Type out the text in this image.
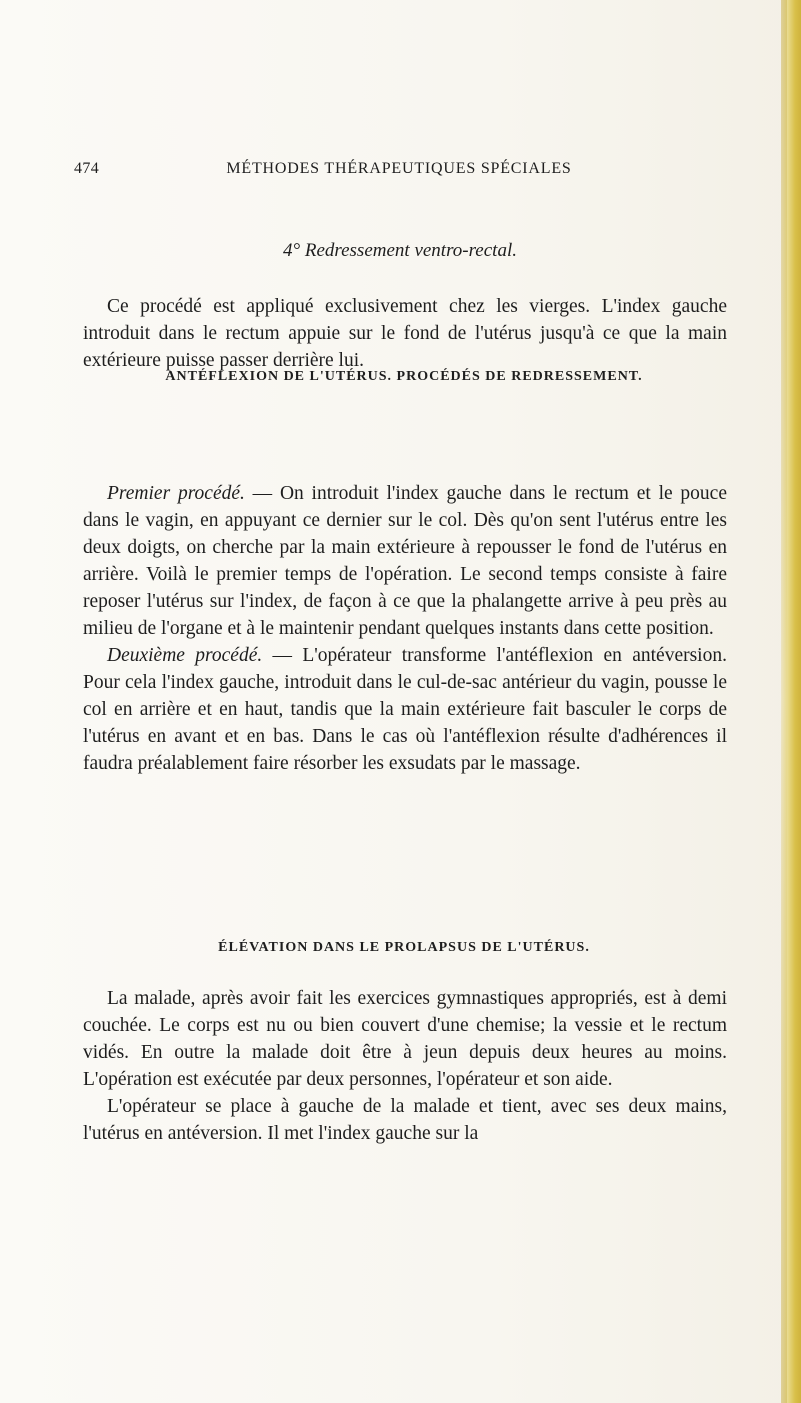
474	MÉTHODES THÉRAPEUTIQUES SPÉCIALES
4° Redressement ventro-rectal.

Ce procédé est appliqué exclusivement chez les vierges. L'index gauche introduit dans le rectum appuie sur le fond de l'utérus jusqu'à ce que la main extérieure puisse passer derrière lui.

ANTÉFLEXION DE L'UTÉRUS. PROCÉDÉS DE REDRESSEMENT.

Premier procédé. — On introduit l'index gauche dans le rectum et le pouce dans le vagin, en appuyant ce dernier sur le col. Dès qu'on sent l'utérus entre les deux doigts, on cherche par la main extérieure à repousser le fond de l'utérus en arrière. Voilà le premier temps de l'opération. Le second temps consiste à faire reposer l'utérus sur l'index, de façon à ce que la phalangette arrive à peu près au milieu de l'organe et à le maintenir pendant quelques instants dans cette position.

Deuxième procédé. — L'opérateur transforme l'antéflexion en antéversion. Pour cela l'index gauche, introduit dans le cul-de-sac antérieur du vagin, pousse le col en arrière et en haut, tandis que la main extérieure fait basculer le corps de l'utérus en avant et en bas. Dans le cas où l'antéflexion résulte d'adhérences il faudra préalablement faire résorber les exsudats par le massage.

ÉLÉVATION DANS LE PROLAPSUS DE L'UTÉRUS.

La malade, après avoir fait les exercices gymnastiques appropriés, est à demi couchée. Le corps est nu ou bien couvert d'une chemise; la vessie et le rectum vidés. En outre la malade doit être à jeun depuis deux heures au moins. L'opération est exécutée par deux personnes, l'opérateur et son aide.

L'opérateur se place à gauche de la malade et tient, avec ses deux mains, l'utérus en antéversion. Il met l'index gauche sur la
